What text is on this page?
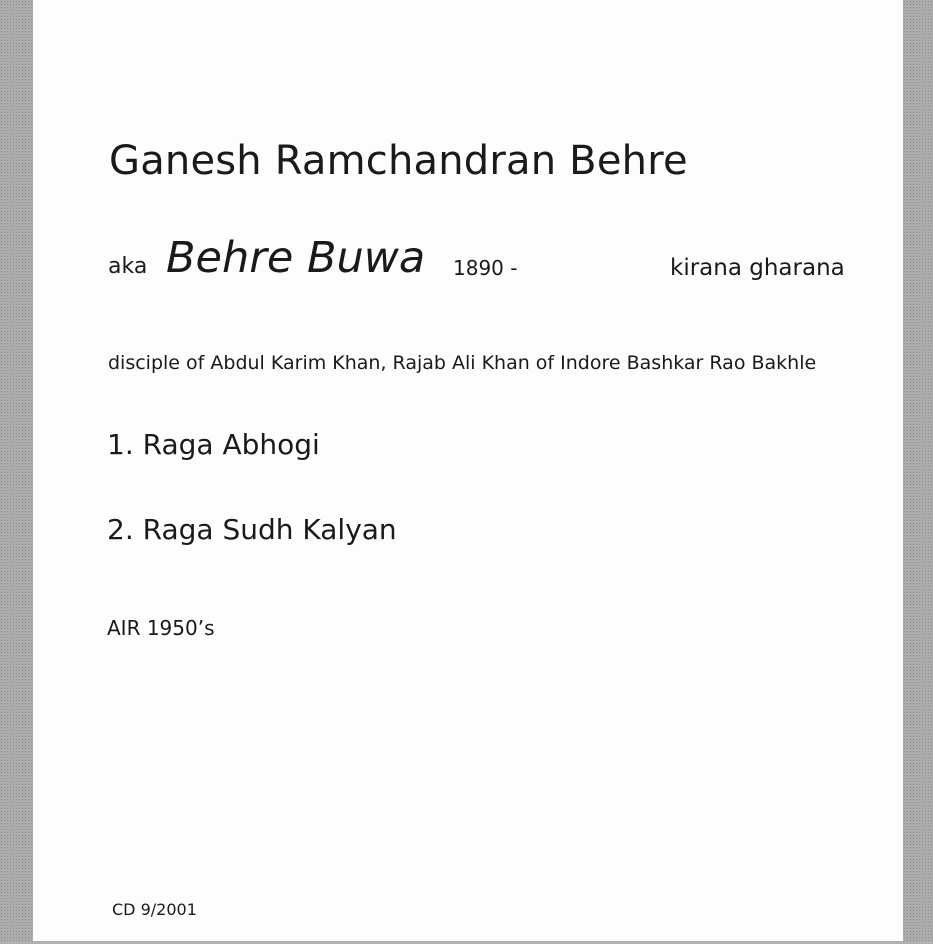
Ganesh Ramchandran Behre
aka Behre Buwa 1890 -	kirana gharana
disciple of Abdul Karim Khan, Rajab Ali Khan of Indore Bashkar Rao Bakhle
1. Raga Abhogi
2. Raga Sudh Kalyan
AIR 1950’s
CD 9/2001
